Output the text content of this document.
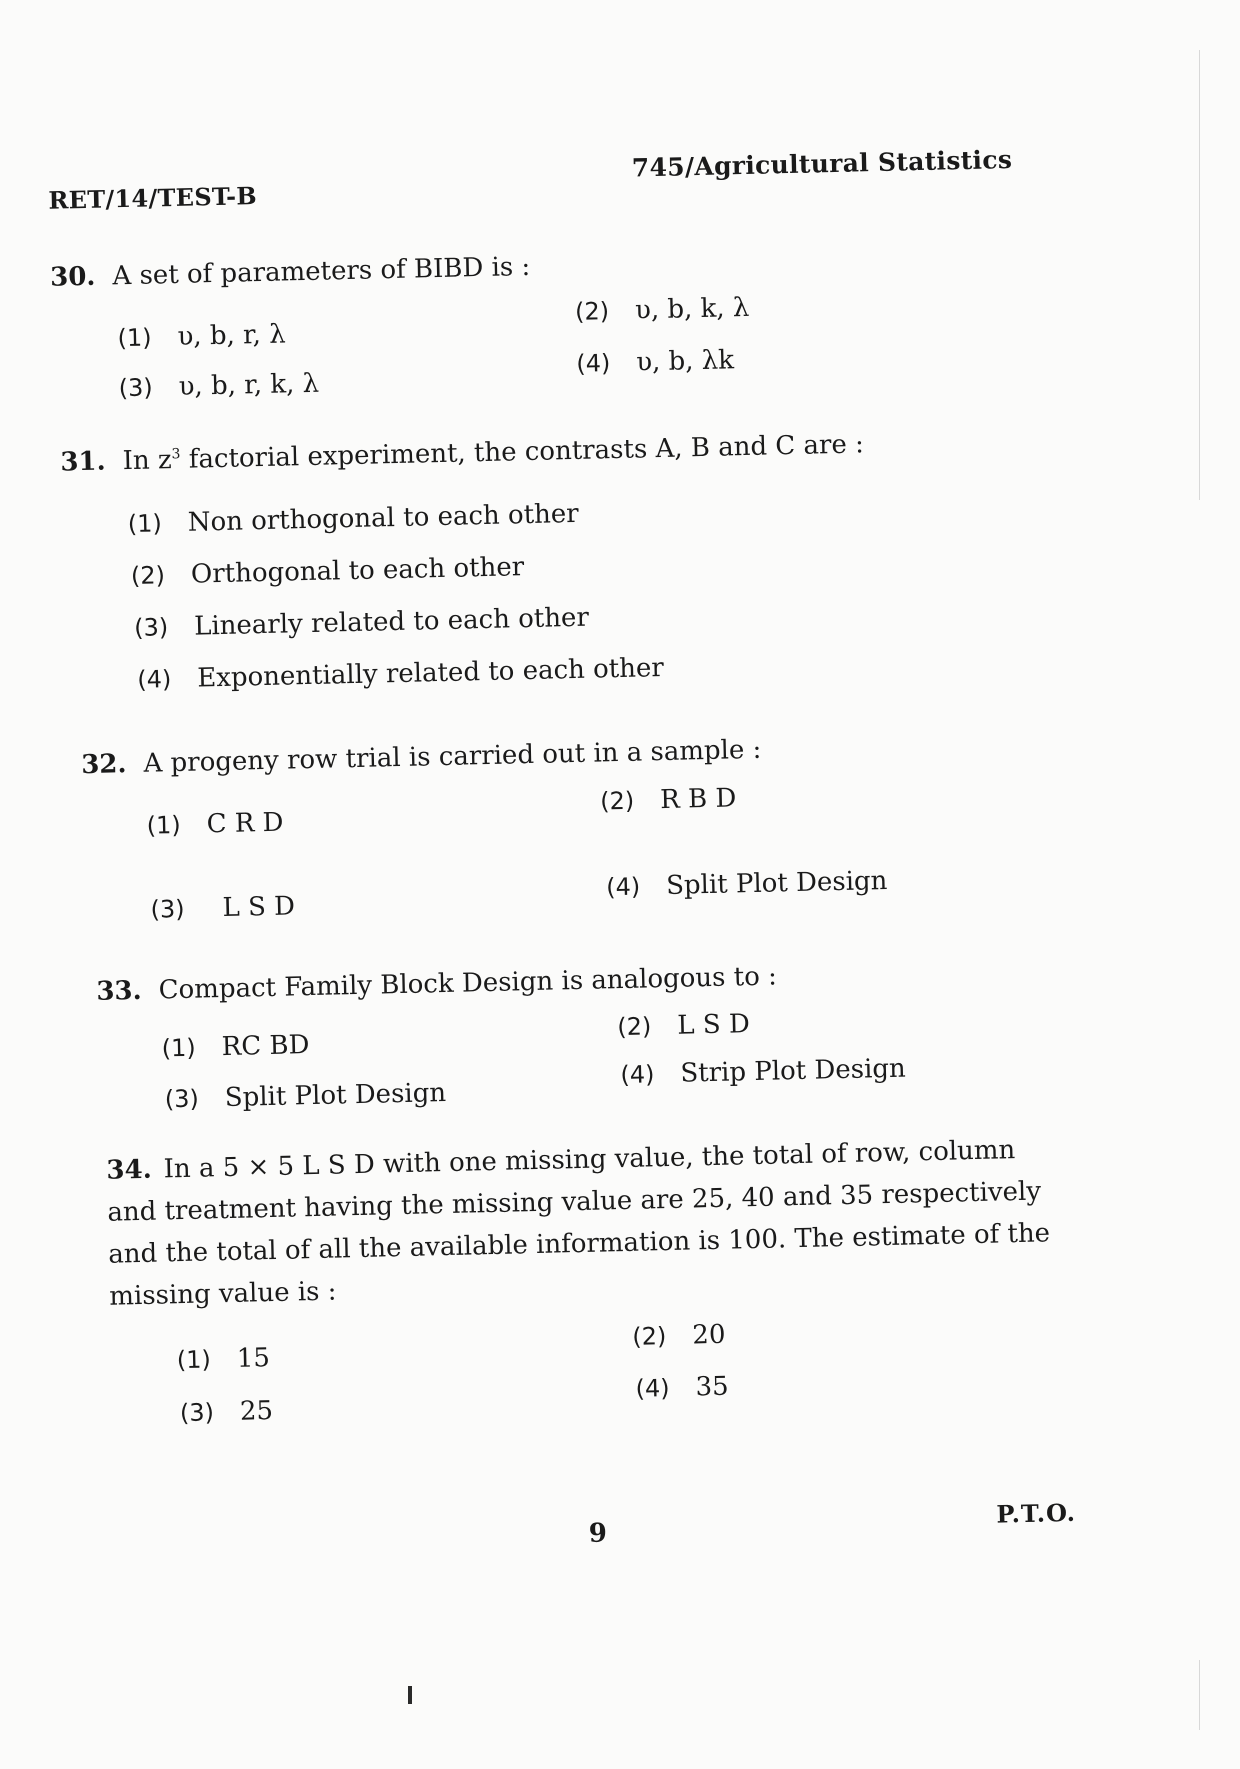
RET/14/TEST-B
745/Agricultural Statistics
30. A set of parameters of BIBD is :
(1) υ, b, r, λ
(2) υ, b, k, λ
(3) υ, b, r, k, λ
(4) υ, b, λk
31. In $z^3$ factorial experiment, the contrasts A, B and C are :
(1) Non orthogonal to each other
(2) Orthogonal to each other
(3) Linearly related to each other
(4) Exponentially related to each other
32. A progeny row trial is carried out in a sample :
(1) C R D
(2) R B D
(3) L S D
(4) Split Plot Design
33. Compact Family Block Design is analogous to :
(1) RC BD
(2) L S D
(3) Split Plot Design
(4) Strip Plot Design
34. In a 5 × 5 L S D with one missing value, the total of row, column and treatment having the missing value are 25, 40 and 35 respectively and the total of all the available information is 100. The estimate of the missing value is :
(1) 15
(2) 20
(3) 25
(4) 35
9
P.T.O.
